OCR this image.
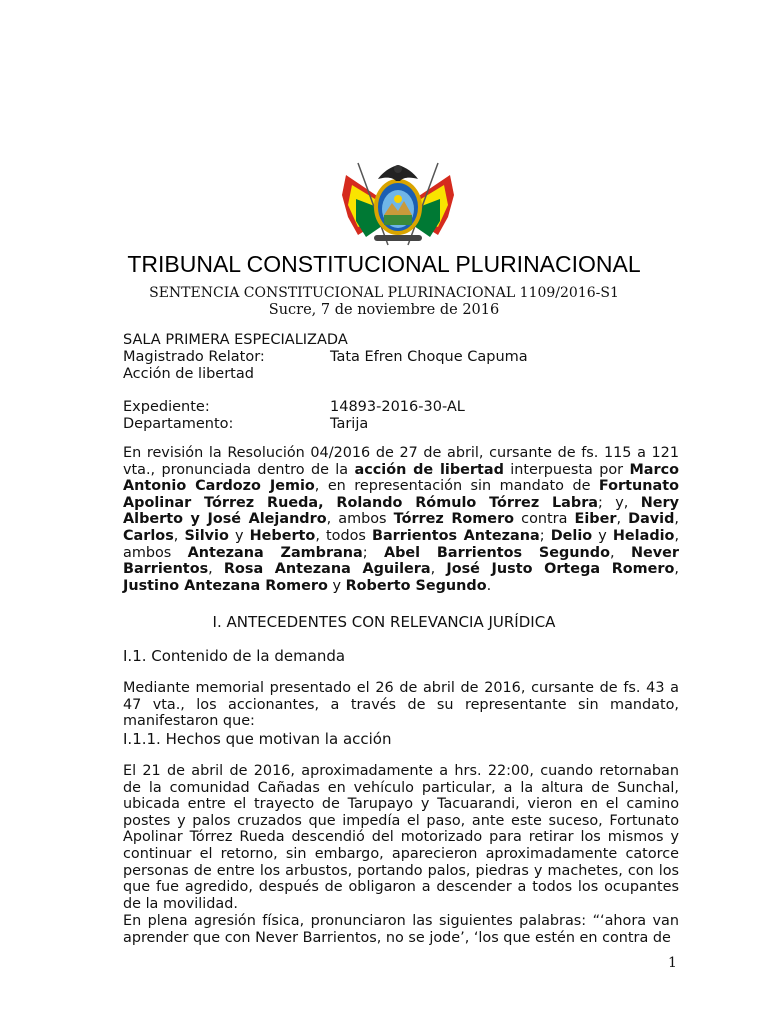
TRIBUNAL CONSTITUCIONAL PLURINACIONAL
SENTENCIA CONSTITUCIONAL PLURINACIONAL 1109/2016-S1
Sucre, 7 de noviembre de 2016
SALA PRIMERA ESPECIALIZADA
Magistrado Relator:	Tata Efren Choque Capuma
Acción de libertad
Expediente:	14893-2016-30-AL
Departamento:	Tarija
En revisión la Resolución 04/2016 de 27 de abril, cursante de fs. 115 a 121 vta., pronunciada dentro de la acción de libertad interpuesta por Marco Antonio Cardozo Jemio, en representación sin mandato de Fortunato Apolinar Tórrez Rueda, Rolando Rómulo Tórrez Labra; y, Nery Alberto y José Alejandro, ambos Tórrez Romero contra Eiber, David, Carlos, Silvio y Heberto, todos Barrientos Antezana; Delio y Heladio, ambos Antezana Zambrana; Abel Barrientos Segundo, Never Barrientos, Rosa Antezana Aguilera, José Justo Ortega Romero, Justino Antezana Romero y Roberto Segundo.
I. ANTECEDENTES CON RELEVANCIA JURÍDICA
I.1. Contenido de la demanda
Mediante memorial presentado el 26 de abril de 2016, cursante de fs. 43 a 47 vta., los accionantes, a través de su representante sin mandato, manifestaron que:
I.1.1. Hechos que motivan la acción
El 21 de abril de 2016, aproximadamente a hrs. 22:00, cuando retornaban de la comunidad Cañadas en vehículo particular, a la altura de Sunchal, ubicada entre el trayecto de Tarupayo y Tacuarandi, vieron en el camino postes y palos cruzados que impedía el paso, ante este suceso, Fortunato Apolinar Tórrez Rueda descendió del motorizado para retirar los mismos y continuar el retorno, sin embargo, aparecieron aproximadamente catorce personas de entre los arbustos, portando palos, piedras y machetes, con los que fue agredido, después de obligaron a descender a todos los ocupantes de la movilidad.
En plena agresión física, pronunciaron las siguientes palabras: “‘ahora van aprender que con Never Barrientos, no se jode’, ‘los que estén en contra de
1
